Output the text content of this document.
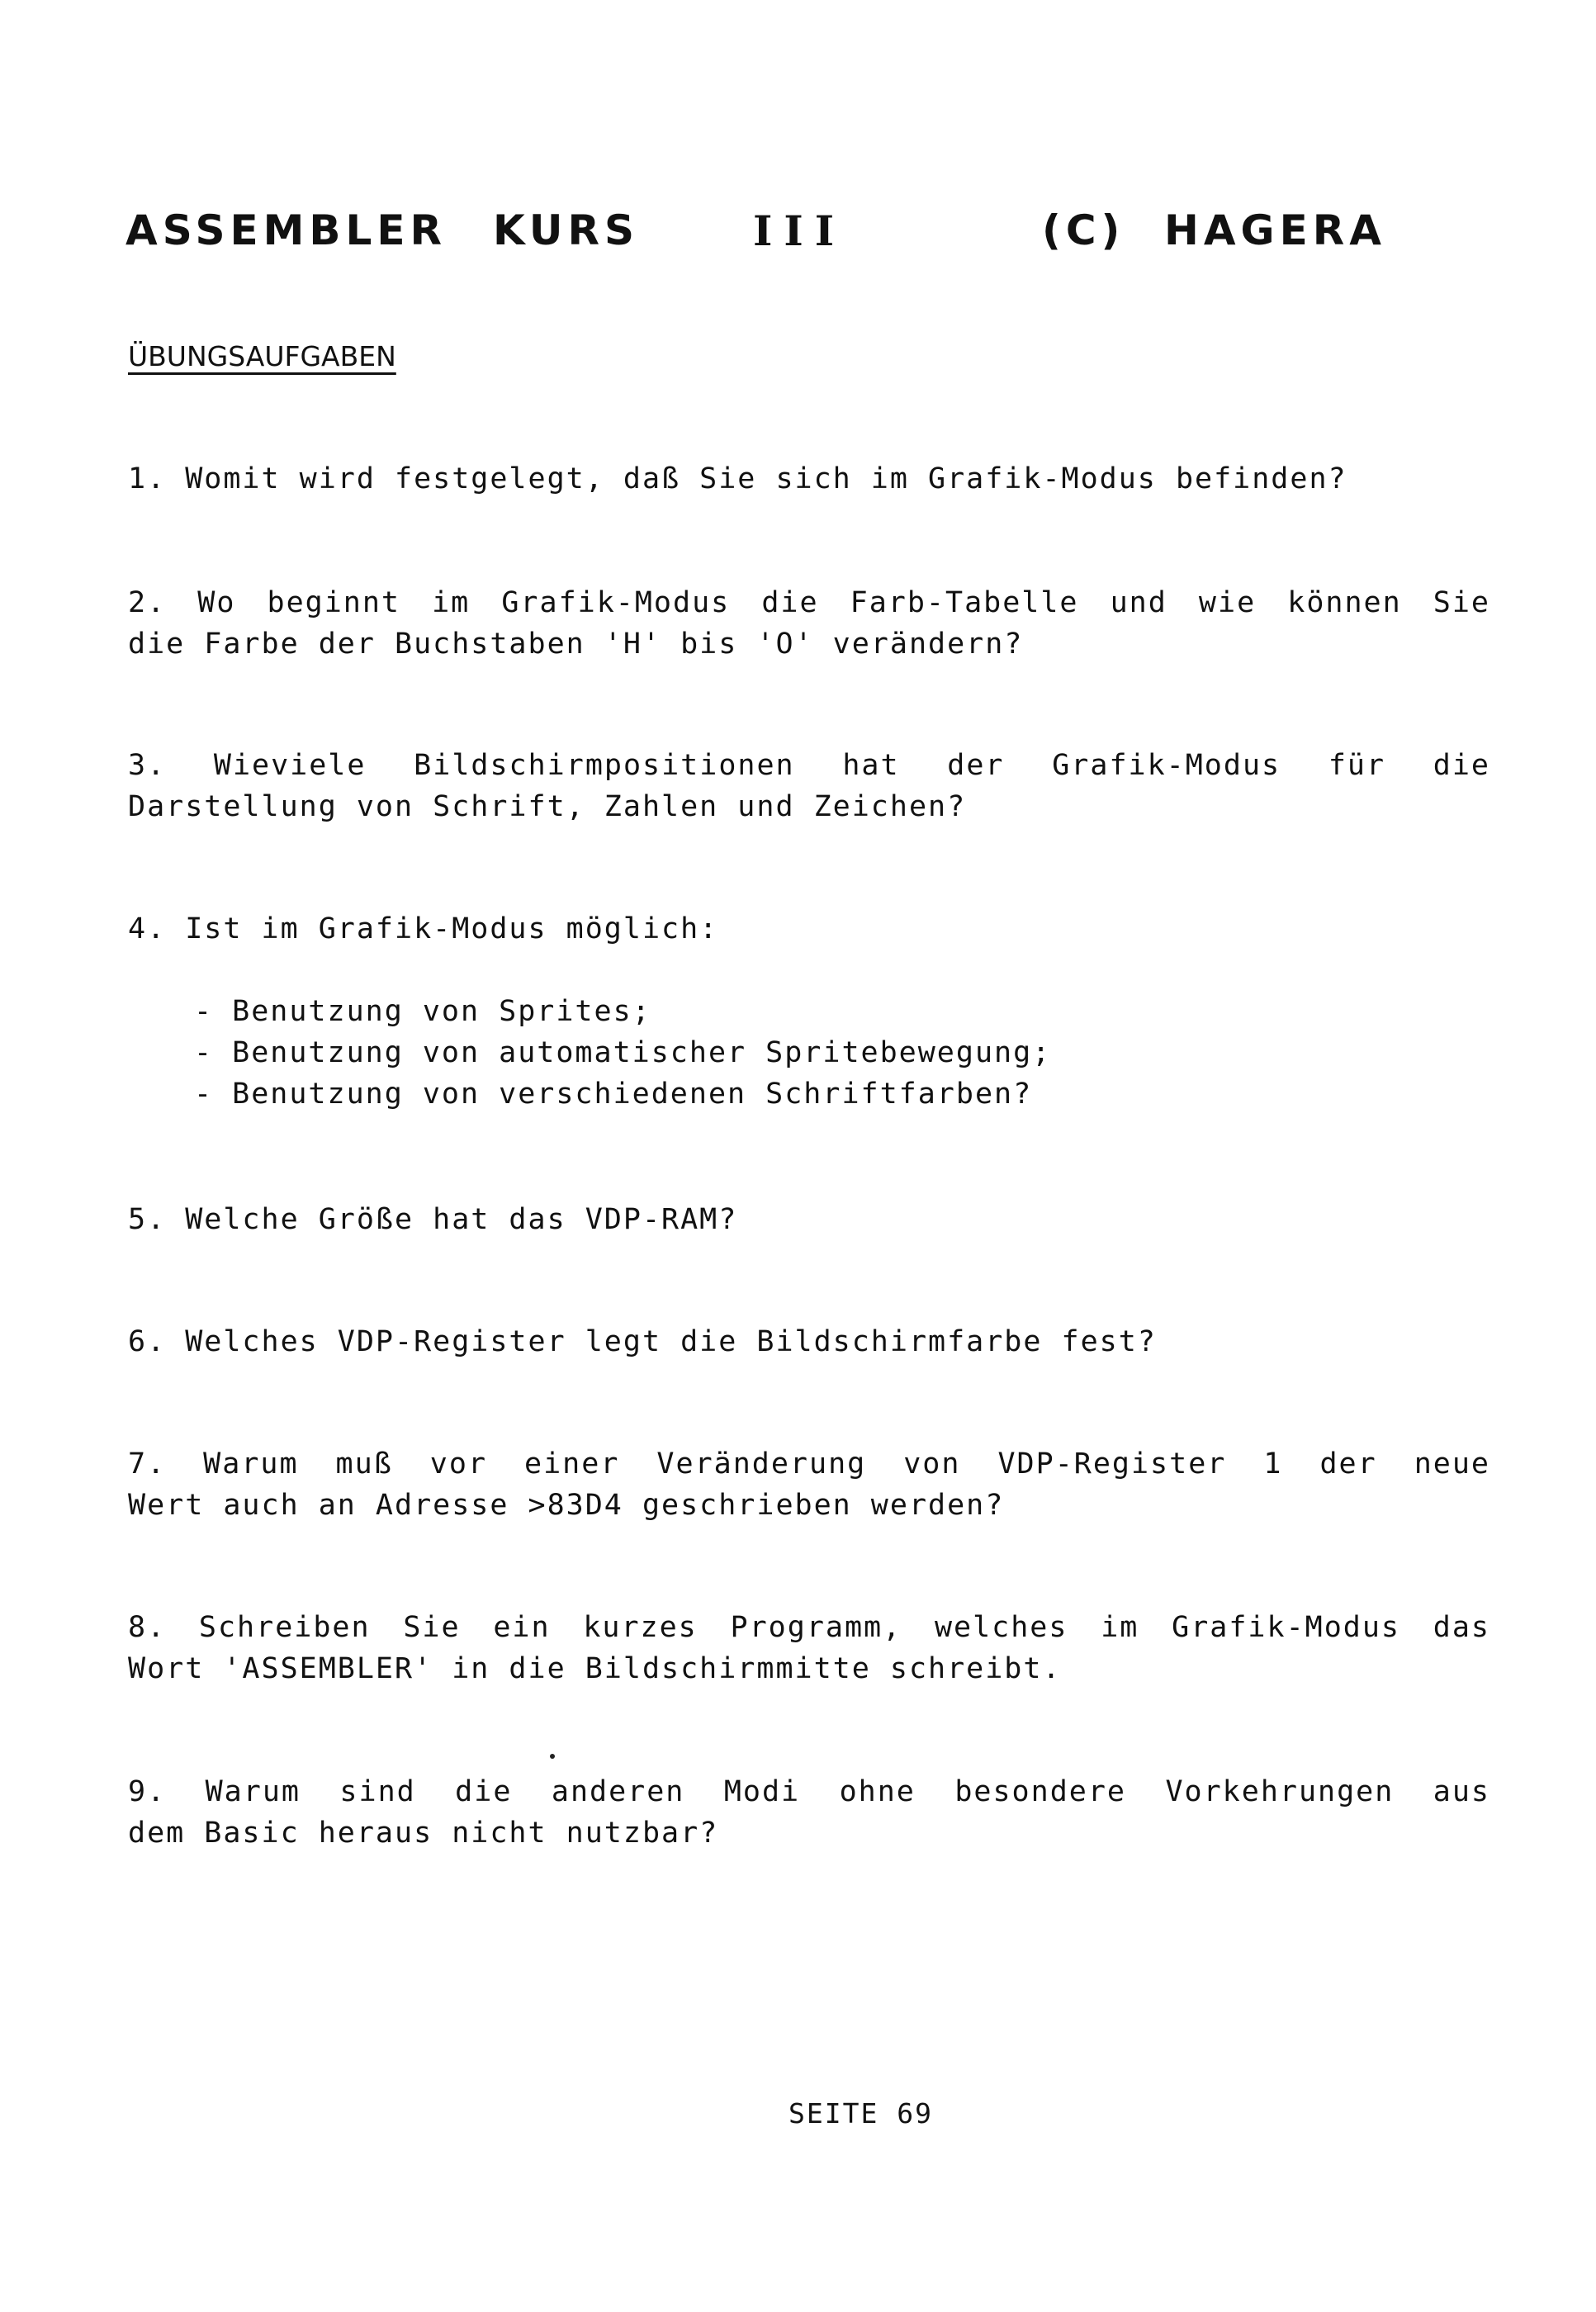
ASSEMBLER KURS	III	(C) HAGERA
ÜBUNGSAUFGABEN
1. Womit wird festgelegt, daß Sie sich im Grafik-Modus befinden?
2. Wo beginnt im Grafik-Modus die Farb-Tabelle und wie können Sie
die Farbe der Buchstaben 'H' bis 'O' verändern?
3. Wieviele Bildschirmpositionen hat der Grafik-Modus für die
Darstellung von Schrift, Zahlen und Zeichen?
4. Ist im Grafik-Modus möglich:
- Benutzung von Sprites;
- Benutzung von automatischer Spritebewegung;
- Benutzung von verschiedenen Schriftfarben?
5. Welche Größe hat das VDP-RAM?
6. Welches VDP-Register legt die Bildschirmfarbe fest?
7. Warum muß vor einer Veränderung von VDP-Register 1 der neue
Wert auch an Adresse >83D4 geschrieben werden?
8. Schreiben Sie ein kurzes Programm, welches im Grafik-Modus das
Wort 'ASSEMBLER' in die Bildschirmmitte schreibt.
9. Warum sind die anderen Modi ohne besondere Vorkehrungen aus
dem Basic heraus nicht nutzbar?
SEITE 69
